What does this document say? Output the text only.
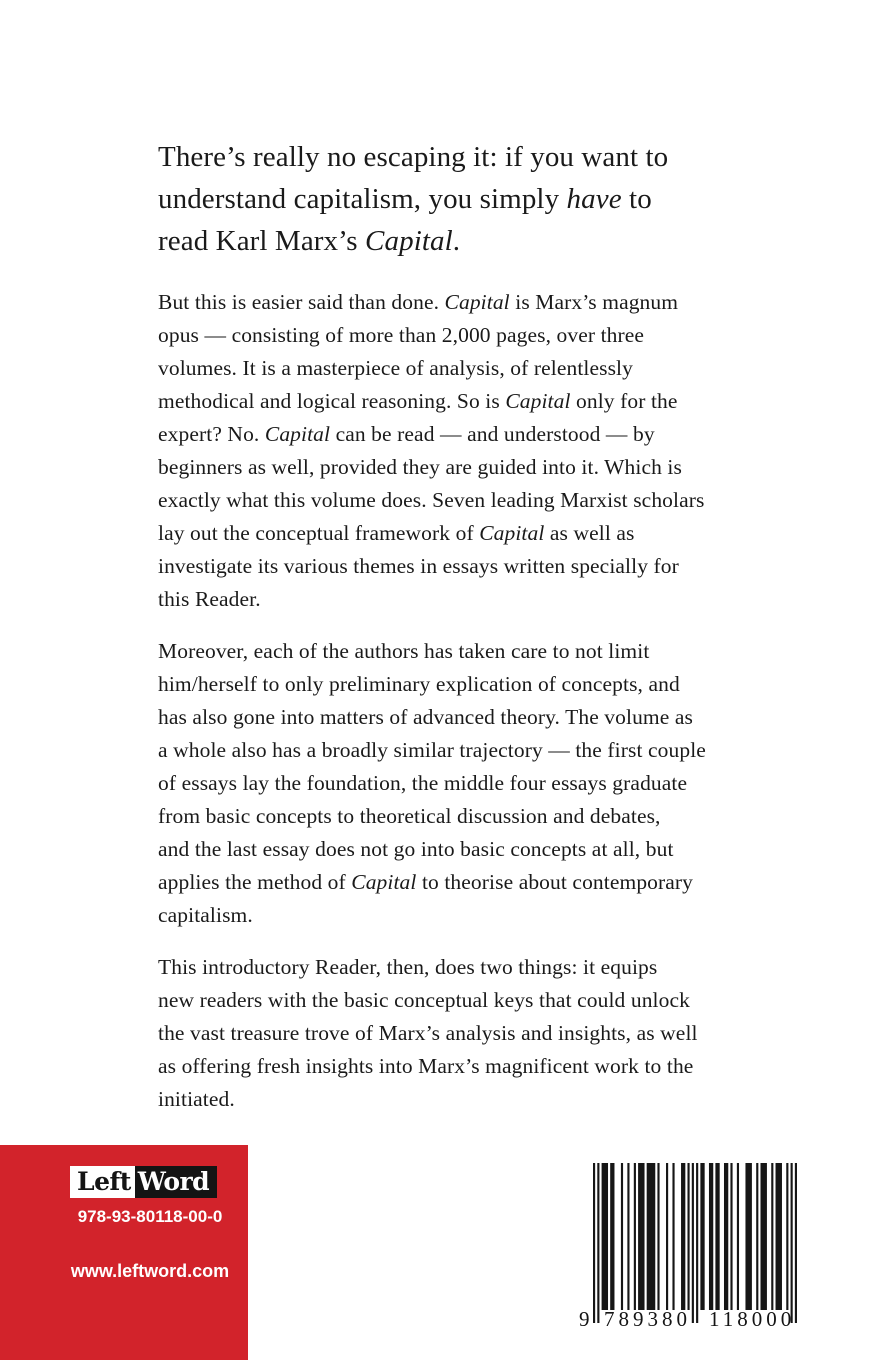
There’s really no escaping it: if you want to
understand capitalism, you simply have to
read Karl Marx’s Capital.
But this is easier said than done. Capital is Marx’s magnum
opus — consisting of more than 2,000 pages, over three
volumes. It is a masterpiece of analysis, of relentlessly
methodical and logical reasoning. So is Capital only for the
expert? No. Capital can be read — and understood — by
beginners as well, provided they are guided into it. Which is
exactly what this volume does. Seven leading Marxist scholars
lay out the conceptual framework of Capital as well as
investigate its various themes in essays written specially for
this Reader.
Moreover, each of the authors has taken care to not limit
him/herself to only preliminary explication of concepts, and
has also gone into matters of advanced theory. The volume as
a whole also has a broadly similar trajectory — the first couple
of essays lay the foundation, the middle four essays graduate
from basic concepts to theoretical discussion and debates,
and the last essay does not go into basic concepts at all, but
applies the method of Capital to theorise about contemporary
capitalism.
This introductory Reader, then, does two things: it equips
new readers with the basic conceptual keys that could unlock
the vast treasure trove of Marx’s analysis and insights, as well
as offering fresh insights into Marx’s magnificent work to the
initiated.
Left Word
978-93-80118-00-0
www.leftword.com
9 789380 118000
